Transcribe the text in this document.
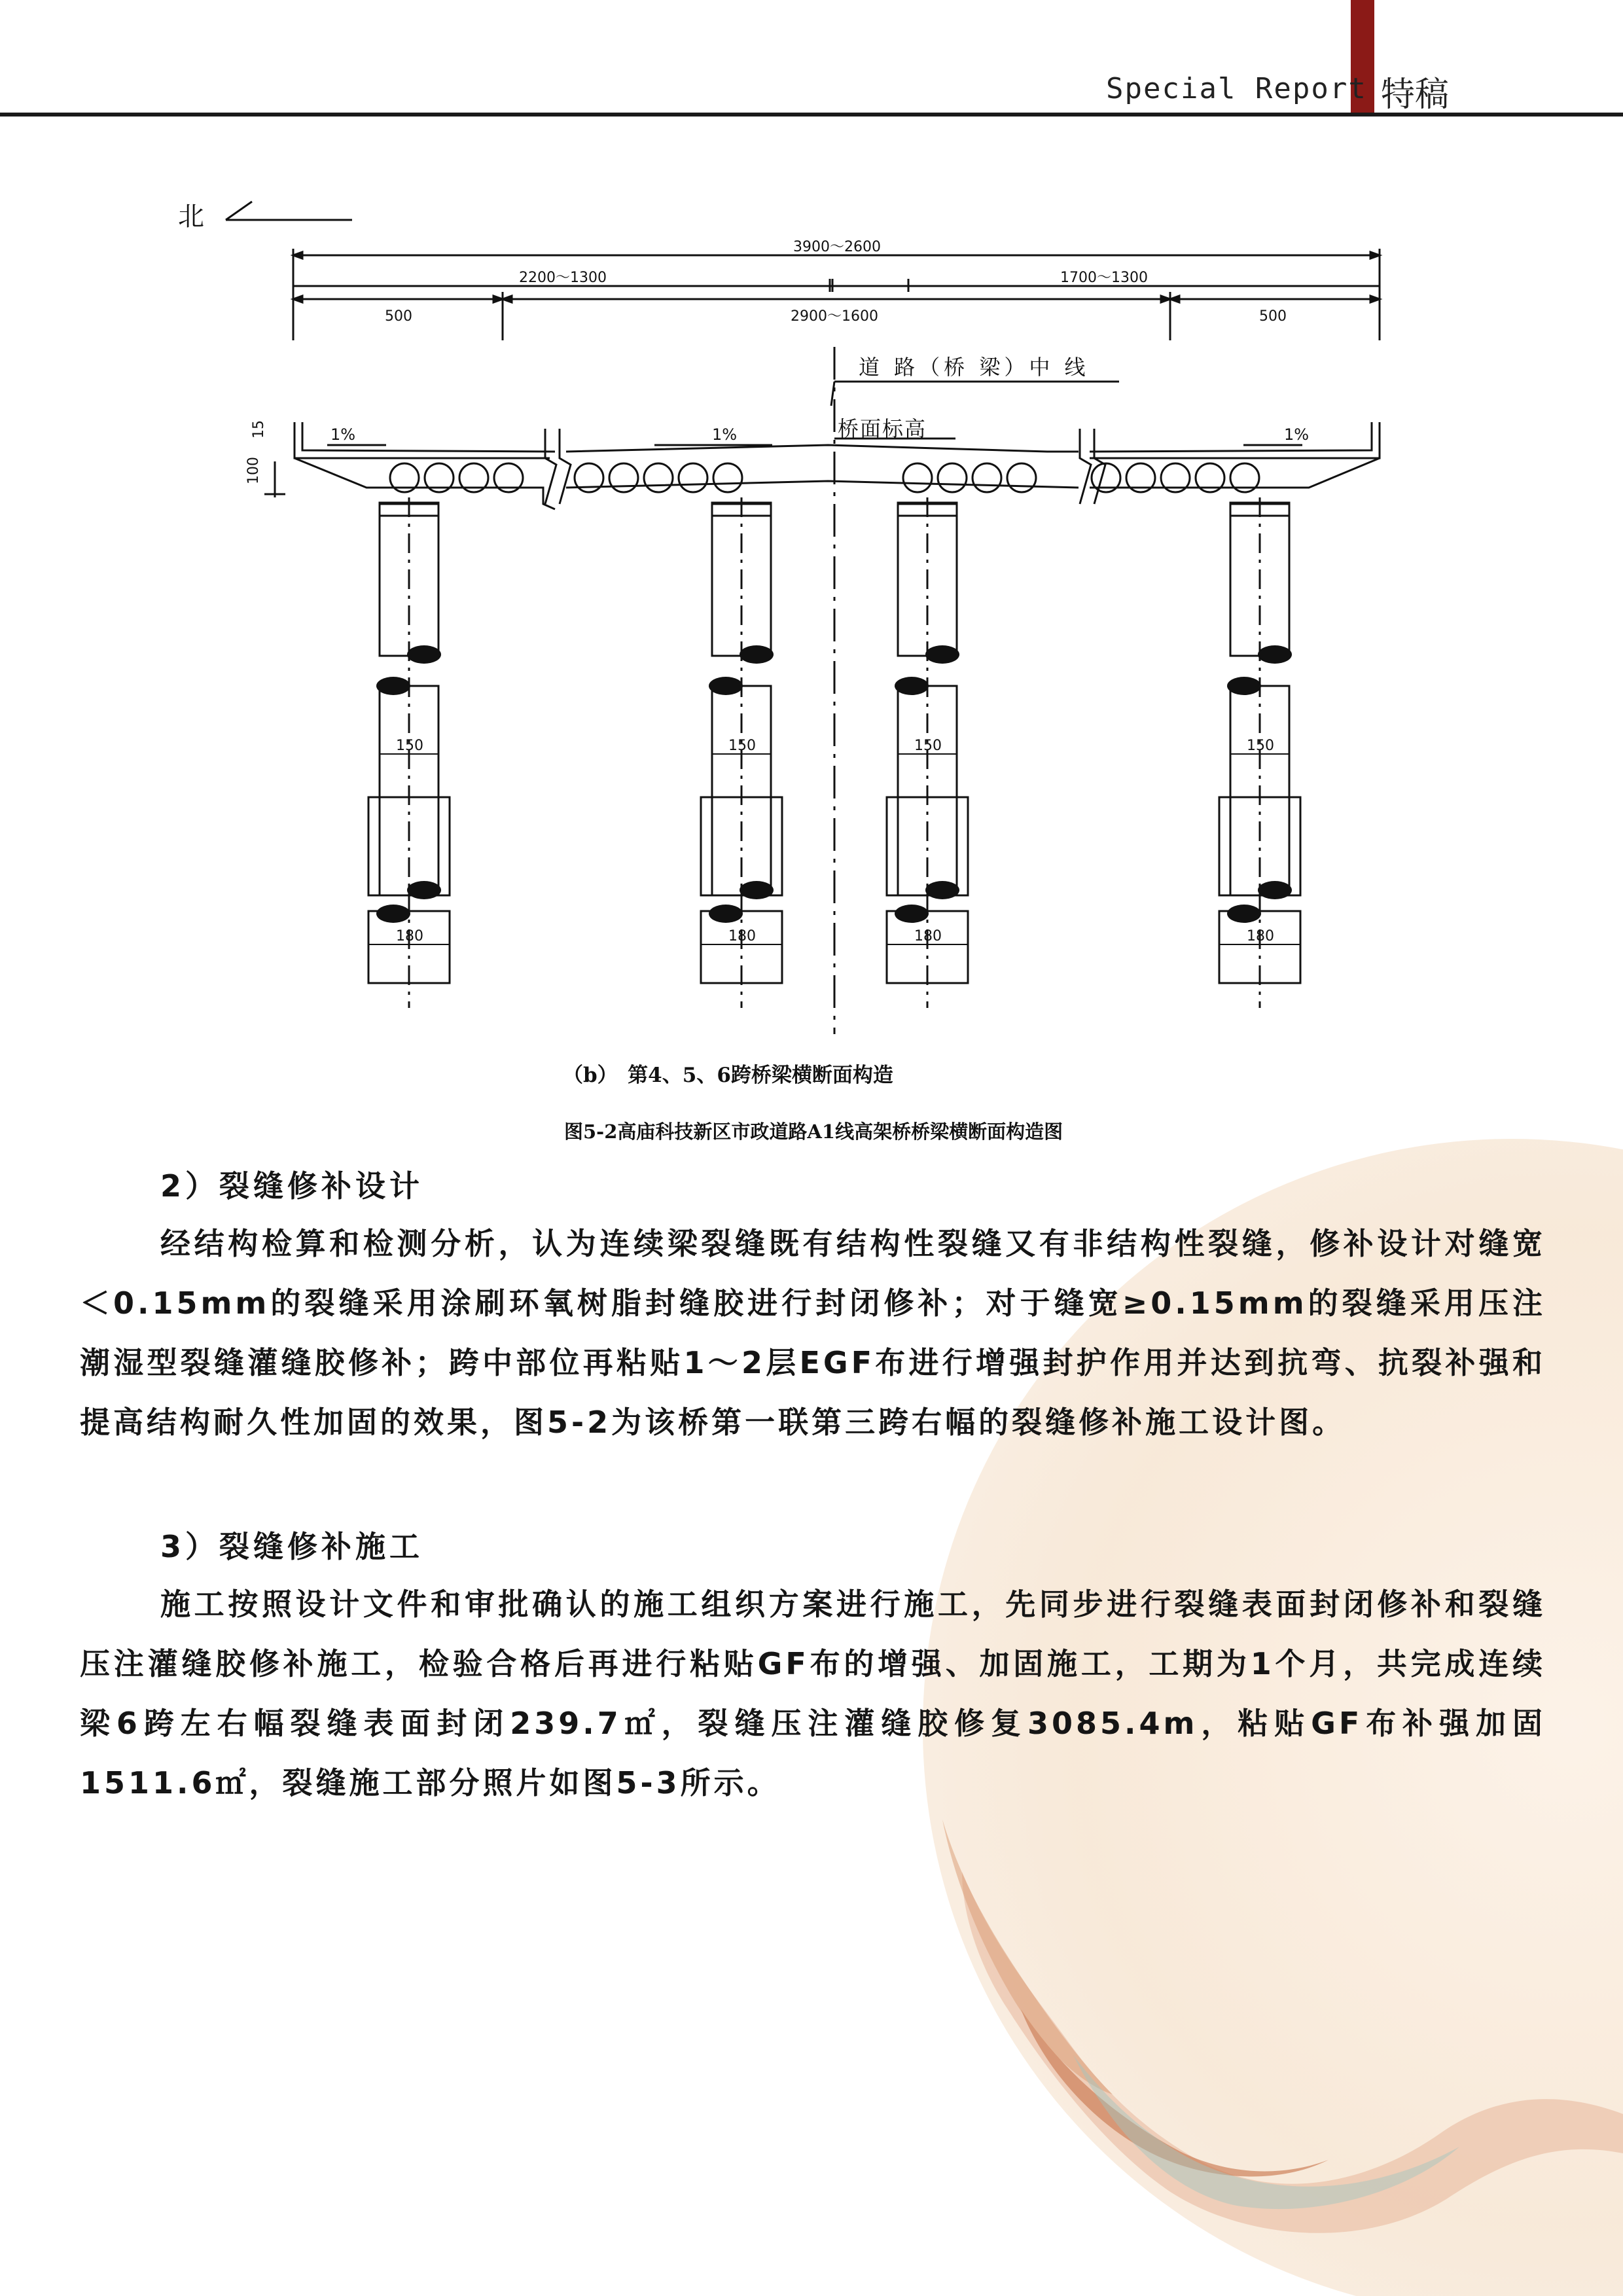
Special Report 特稿
北
3900～2600
2200～1300	1700～1300
500	2900～1600	500
15
100
道 路（桥 梁）中 线
桥面标高
1%	1%	1%
150
180
150
180
150
180
150
180
（b）　第4、5、6跨桥梁横断面构造
图5-2高庙科技新区市政道路A1线高架桥桥梁横断面构造图
2）裂缝修补设计

经结构检算和检测分析，认为连续梁裂缝既有结构性裂缝又有非结构性裂缝，修补设计对缝宽＜0.15mm的裂缝采用涂刷环氧树脂封缝胶进行封闭修补；对于缝宽≥0.15mm的裂缝采用压注潮湿型裂缝灌缝胶修补；跨中部位再粘贴1～2层EGF布进行增强封护作用并达到抗弯、抗裂补强和提高结构耐久性加固的效果，图5-2为该桥第一联第三跨右幅的裂缝修补施工设计图。

3）裂缝修补施工

施工按照设计文件和审批确认的施工组织方案进行施工，先同步进行裂缝表面封闭修补和裂缝压注灌缝胶修补施工，检验合格后再进行粘贴GF布的增强、加固施工，工期为1个月，共完成连续梁6跨左右幅裂缝表面封闭239.7㎡，裂缝压注灌缝胶修复3085.4m，粘贴GF布补强加固1511.6㎡，裂缝施工部分照片如图5-3所示。
